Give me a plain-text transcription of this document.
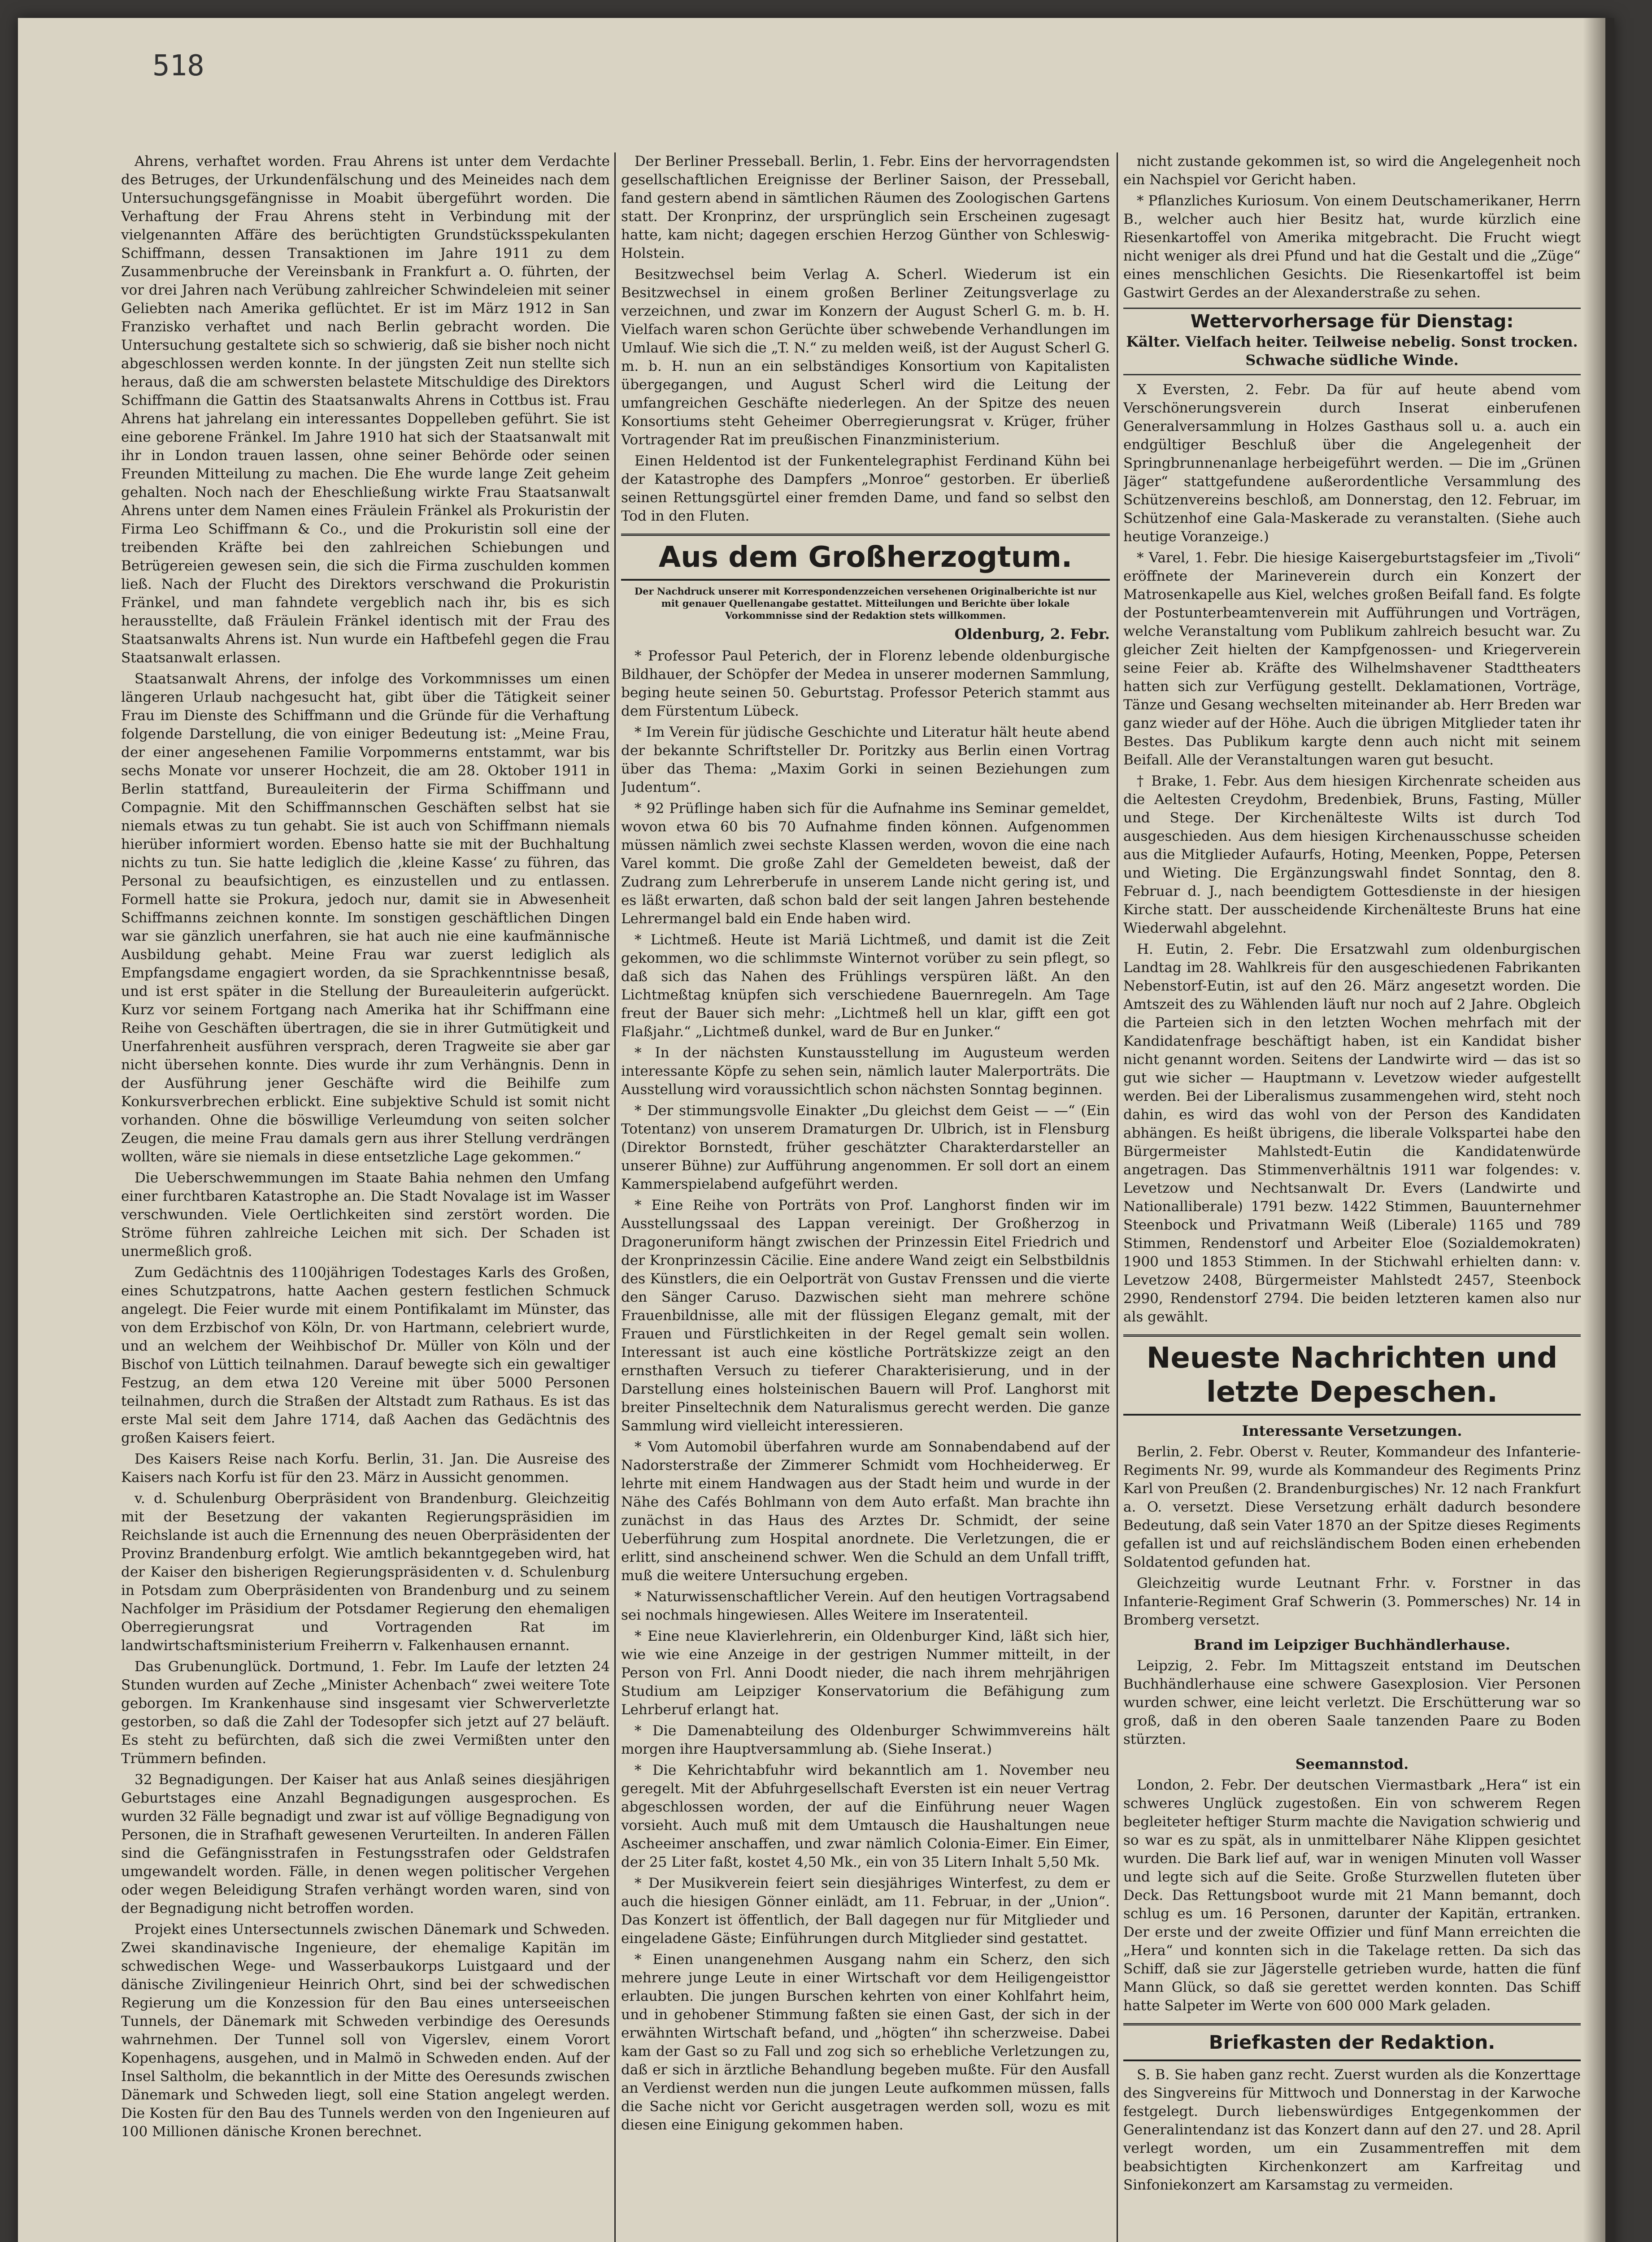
518

Ahrens, verhaftet worden. Frau Ahrens ist unter dem Verdachte des Betruges, der Urkundenfälschung und des Meineides nach dem Untersuchungsgefängnisse in Moabit übergeführt worden. Die Verhaftung der Frau Ahrens steht in Verbindung mit der vielgenannten Affäre des berüchtigten Grundstücksspekulanten Schiffmann, dessen Transaktionen im Jahre 1911 zu dem Zusammenbruche der Vereinsbank in Frankfurt a. O. führten, der vor drei Jahren nach Verübung zahlreicher Schwindeleien mit seiner Geliebten nach Amerika geflüchtet. Er ist im März 1912 in San Franzisko verhaftet und nach Berlin gebracht worden. Die Untersuchung gestaltete sich so schwierig, daß sie bisher noch nicht abgeschlossen werden konnte. In der jüngsten Zeit nun stellte sich heraus, daß die am schwersten belastete Mitschuldige des Direktors Schiffmann die Gattin des Staatsanwalts Ahrens in Cottbus ist. Frau Ahrens hat jahrelang ein interessantes Doppelleben geführt. Sie ist eine geborene Fränkel. Im Jahre 1910 hat sich der Staatsanwalt mit ihr in London trauen lassen, ohne seiner Behörde oder seinen Freunden Mitteilung zu machen. Die Ehe wurde lange Zeit geheim gehalten. Noch nach der Eheschließung wirkte Frau Staatsanwalt Ahrens unter dem Namen eines Fräulein Fränkel als Prokuristin der Firma Leo Schiffmann & Co., und die Prokuristin soll eine der treibenden Kräfte bei den zahlreichen Schiebungen und Betrügereien gewesen sein, die sich die Firma zuschulden kommen ließ. Nach der Flucht des Direktors verschwand die Prokuristin Fränkel, und man fahndete vergeblich nach ihr, bis es sich herausstellte, daß Fräulein Fränkel identisch mit der Frau des Staatsanwalts Ahrens ist. Nun wurde ein Haftbefehl gegen die Frau Staatsanwalt erlassen.

Staatsanwalt Ahrens, der infolge des Vorkommnisses um einen längeren Urlaub nachgesucht hat, gibt über die Tätigkeit seiner Frau im Dienste des Schiffmann und die Gründe für die Verhaftung folgende Darstellung, die von einiger Bedeutung ist: „Meine Frau, der einer angesehenen Familie Vorpommerns entstammt, war bis sechs Monate vor unserer Hochzeit, die am 28. Oktober 1911 in Berlin stattfand, Bureauleiterin der Firma Schiffmann und Compagnie. Mit den Schiffmannschen Geschäften selbst hat sie niemals etwas zu tun gehabt. Sie ist auch von Schiffmann niemals hierüber informiert worden. Ebenso hatte sie mit der Buchhaltung nichts zu tun. Sie hatte lediglich die ‚kleine Kasse‘ zu führen, das Personal zu beaufsichtigen, es einzustellen und zu entlassen. Formell hatte sie Prokura, jedoch nur, damit sie in Abwesenheit Schiffmanns zeichnen konnte. Im sonstigen geschäftlichen Dingen war sie gänzlich unerfahren, sie hat auch nie eine kaufmännische Ausbildung gehabt. Meine Frau war zuerst lediglich als Empfangsdame engagiert worden, da sie Sprachkenntnisse besaß, und ist erst später in die Stellung der Bureauleiterin aufgerückt. Kurz vor seinem Fortgang nach Amerika hat ihr Schiffmann eine Reihe von Geschäften übertragen, die sie in ihrer Gutmütigkeit und Unerfahrenheit ausführen versprach, deren Tragweite sie aber gar nicht übersehen konnte. Dies wurde ihr zum Verhängnis. Denn in der Ausführung jener Geschäfte wird die Beihilfe zum Konkursverbrechen erblickt. Eine subjektive Schuld ist somit nicht vorhanden. Ohne die böswillige Verleumdung von seiten solcher Zeugen, die meine Frau damals gern aus ihrer Stellung verdrängen wollten, wäre sie niemals in diese entsetzliche Lage gekommen.“

Die Ueberschwemmungen im Staate Bahia nehmen den Umfang einer furchtbaren Katastrophe an. Die Stadt Novalage ist im Wasser verschwunden. Viele Oertlichkeiten sind zerstört worden. Die Ströme führen zahlreiche Leichen mit sich. Der Schaden ist unermeßlich groß.

Zum Gedächtnis des 1100jährigen Todestages Karls des Großen, eines Schutzpatrons, hatte Aachen gestern festlichen Schmuck angelegt. Die Feier wurde mit einem Pontifikalamt im Münster, das von dem Erzbischof von Köln, Dr. von Hartmann, celebriert wurde, und an welchem der Weihbischof Dr. Müller von Köln und der Bischof von Lüttich teilnahmen. Darauf bewegte sich ein gewaltiger Festzug, an dem etwa 120 Vereine mit über 5000 Personen teilnahmen, durch die Straßen der Altstadt zum Rathaus. Es ist das erste Mal seit dem Jahre 1714, daß Aachen das Gedächtnis des großen Kaisers feiert.

Des Kaisers Reise nach Korfu. Berlin, 31. Jan. Die Ausreise des Kaisers nach Korfu ist für den 23. März in Aussicht genommen.

v. d. Schulenburg Oberpräsident von Brandenburg. Gleichzeitig mit der Besetzung der vakanten Regierungspräsidien im Reichslande ist auch die Ernennung des neuen Oberpräsidenten der Provinz Brandenburg erfolgt. Wie amtlich bekanntgegeben wird, hat der Kaiser den bisherigen Regierungspräsidenten v. d. Schulenburg in Potsdam zum Oberpräsidenten von Brandenburg und zu seinem Nachfolger im Präsidium der Potsdamer Regierung den ehemaligen Oberregierungsrat und Vortragenden Rat im landwirtschaftsministerium Freiherrn v. Falkenhausen ernannt.

Das Grubenunglück. Dortmund, 1. Febr. Im Laufe der letzten 24 Stunden wurden auf Zeche „Minister Achenbach“ zwei weitere Tote geborgen. Im Krankenhause sind insgesamt vier Schwerverletzte gestorben, so daß die Zahl der Todesopfer sich jetzt auf 27 beläuft. Es steht zu befürchten, daß sich die zwei Vermißten unter den Trümmern befinden.

32 Begnadigungen. Der Kaiser hat aus Anlaß seines diesjährigen Geburtstages eine Anzahl Begnadigungen ausgesprochen. Es wurden 32 Fälle begnadigt und zwar ist auf völlige Begnadigung von Personen, die in Strafhaft gewesenen Verurteilten. In anderen Fällen sind die Gefängnisstrafen in Festungsstrafen oder Geldstrafen umgewandelt worden. Fälle, in denen wegen politischer Vergehen oder wegen Beleidigung Strafen verhängt worden waren, sind von der Begnadigung nicht betroffen worden.

Projekt eines Untersectunnels zwischen Dänemark und Schweden. Zwei skandinavische Ingenieure, der ehemalige Kapitän im schwedischen Wege- und Wasserbaukorps Luistgaard und der dänische Zivilingenieur Heinrich Ohrt, sind bei der schwedischen Regierung um die Konzession für den Bau eines unterseeischen Tunnels, der Dänemark mit Schweden verbindige des Oeresunds wahrnehmen. Der Tunnel soll von Vigerslev, einem Vorort Kopenhagens, ausgehen, und in Malmö in Schweden enden. Auf der Insel Saltholm, die bekanntlich in der Mitte des Oeresunds zwischen Dänemark und Schweden liegt, soll eine Station angelegt werden. Die Kosten für den Bau des Tunnels werden von den Ingenieuren auf 100 Millionen dänische Kronen berechnet.

Der Berliner Presseball. Berlin, 1. Febr. Eins der hervorragendsten gesellschaftlichen Ereignisse der Berliner Saison, der Presseball, fand gestern abend in sämtlichen Räumen des Zoologischen Gartens statt. Der Kronprinz, der ursprünglich sein Erscheinen zugesagt hatte, kam nicht; dagegen erschien Herzog Günther von Schleswig-Holstein.

Besitzwechsel beim Verlag A. Scherl. Wiederum ist ein Besitzwechsel in einem großen Berliner Zeitungsverlage zu verzeichnen, und zwar im Konzern der August Scherl G. m. b. H. Vielfach waren schon Gerüchte über schwebende Verhandlungen im Umlauf. Wie sich die „T. N.“ zu melden weiß, ist der August Scherl G. m. b. H. nun an ein selbständiges Konsortium von Kapitalisten übergegangen, und August Scherl wird die Leitung der umfangreichen Geschäfte niederlegen. An der Spitze des neuen Konsortiums steht Geheimer Oberregierungsrat v. Krüger, früher Vortragender Rat im preußischen Finanzministerium.

Einen Heldentod ist der Funkentelegraphist Ferdinand Kühn bei der Katastrophe des Dampfers „Monroe“ gestorben. Er überließ seinen Rettungsgürtel einer fremden Dame, und fand so selbst den Tod in den Fluten.

Aus dem Großherzogtum.
Der Nachdruck unserer mit Korrespondenzzeichen versehenen Originalberichte ist nur mit genauer Quellenangabe gestattet. Mitteilungen und Berichte über lokale Vorkommnisse sind der Redaktion stets willkommen.
Oldenburg, 2. Febr.

* Professor Paul Peterich, der in Florenz lebende oldenburgische Bildhauer, der Schöpfer der Medea in unserer modernen Sammlung, beging heute seinen 50. Geburtstag. Professor Peterich stammt aus dem Fürstentum Lübeck.

* Im Verein für jüdische Geschichte und Literatur hält heute abend der bekannte Schriftsteller Dr. Poritzky aus Berlin einen Vortrag über das Thema: „Maxim Gorki in seinen Beziehungen zum Judentum“.

* 92 Prüflinge haben sich für die Aufnahme ins Seminar gemeldet, wovon etwa 60 bis 70 Aufnahme finden können. Aufgenommen müssen nämlich zwei sechste Klassen werden, wovon die eine nach Varel kommt. Die große Zahl der Gemeldeten beweist, daß der Zudrang zum Lehrerberufe in unserem Lande nicht gering ist, und es läßt erwarten, daß schon bald der seit langen Jahren bestehende Lehrermangel bald ein Ende haben wird.

* Lichtmeß. Heute ist Mariä Lichtmeß, und damit ist die Zeit gekommen, wo die schlimmste Winternot vorüber zu sein pflegt, so daß sich das Nahen des Frühlings verspüren läßt. An den Lichtmeßtag knüpfen sich verschiedene Bauernregeln. Am Tage freut der Bauer sich mehr: „Lichtmeß hell un klar, gifft een got Flaßjahr.“ „Lichtmeß dunkel, ward de Bur en Junker.“

* In der nächsten Kunstausstellung im Augusteum werden interessante Köpfe zu sehen sein, nämlich lauter Malerporträts. Die Ausstellung wird voraussichtlich schon nächsten Sonntag beginnen.

* Der stimmungsvolle Einakter „Du gleichst dem Geist — —“ (Ein Totentanz) von unserem Dramaturgen Dr. Ulbrich, ist in Flensburg (Direktor Bornstedt, früher geschätzter Charakterdarsteller an unserer Bühne) zur Aufführung angenommen. Er soll dort an einem Kammerspielabend aufgeführt werden.

* Eine Reihe von Porträts von Prof. Langhorst finden wir im Ausstellungssaal des Lappan vereinigt. Der Großherzog in Dragoneruniform hängt zwischen der Prinzessin Eitel Friedrich und der Kronprinzessin Cäcilie. Eine andere Wand zeigt ein Selbstbildnis des Künstlers, die ein Oelporträt von Gustav Frenssen und die vierte den Sänger Caruso. Dazwischen sieht man mehrere schöne Frauenbildnisse, alle mit der flüssigen Eleganz gemalt, mit der Frauen und Fürstlichkeiten in der Regel gemalt sein wollen. Interessant ist auch eine köstliche Porträtskizze zeigt an den ernsthaften Versuch zu tieferer Charakterisierung, und in der Darstellung eines holsteinischen Bauern will Prof. Langhorst mit breiter Pinseltechnik dem Naturalismus gerecht werden. Die ganze Sammlung wird vielleicht interessieren.

* Vom Automobil überfahren wurde am Sonnabendabend auf der Nadorsterstraße der Zimmerer Schmidt vom Hochheiderweg. Er lehrte mit einem Handwagen aus der Stadt heim und wurde in der Nähe des Cafés Bohlmann von dem Auto erfaßt. Man brachte ihn zunächst in das Haus des Arztes Dr. Schmidt, der seine Ueberführung zum Hospital anordnete. Die Verletzungen, die er erlitt, sind anscheinend schwer. Wen die Schuld an dem Unfall trifft, muß die weitere Untersuchung ergeben.

* Naturwissenschaftlicher Verein. Auf den heutigen Vortragsabend sei nochmals hingewiesen. Alles Weitere im Inseratenteil.

* Eine neue Klavierlehrerin, ein Oldenburger Kind, läßt sich hier, wie wie eine Anzeige in der gestrigen Nummer mitteilt, in der Person von Frl. Anni Doodt nieder, die nach ihrem mehrjährigen Studium am Leipziger Konservatorium die Befähigung zum Lehrberuf erlangt hat.

* Die Damenabteilung des Oldenburger Schwimmvereins hält morgen ihre Hauptversammlung ab. (Siehe Inserat.)

* Die Kehrichtabfuhr wird bekanntlich am 1. November neu geregelt. Mit der Abfuhrgesellschaft Eversten ist ein neuer Vertrag abgeschlossen worden, der auf die Einführung neuer Wagen vorsieht. Auch muß mit dem Umtausch die Haushaltungen neue Ascheeimer anschaffen, und zwar nämlich Colonia-Eimer. Ein Eimer, der 25 Liter faßt, kostet 4,50 Mk., ein von 35 Litern Inhalt 5,50 Mk.

* Der Musikverein feiert sein diesjähriges Winterfest, zu dem er auch die hiesigen Gönner einlädt, am 11. Februar, in der „Union“. Das Konzert ist öffentlich, der Ball dagegen nur für Mitglieder und eingeladene Gäste; Einführungen durch Mitglieder sind gestattet.

* Einen unangenehmen Ausgang nahm ein Scherz, den sich mehrere junge Leute in einer Wirtschaft vor dem Heiligengeisttor erlaubten. Die jungen Burschen kehrten von einer Kohlfahrt heim, und in gehobener Stimmung faßten sie einen Gast, der sich in der erwähnten Wirtschaft befand, und „högten“ ihn scherzweise. Dabei kam der Gast so zu Fall und zog sich so erhebliche Verletzungen zu, daß er sich in ärztliche Behandlung begeben mußte. Für den Ausfall an Verdienst werden nun die jungen Leute aufkommen müssen, falls die Sache nicht vor Gericht ausgetragen werden soll, wozu es mit diesen eine Einigung gekommen haben.

nicht zustande gekommen ist, so wird die Angelegenheit noch ein Nachspiel vor Gericht haben.

* Pflanzliches Kuriosum. Von einem Deutschamerikaner, Herrn B., welcher auch hier Besitz hat, wurde kürzlich eine Riesenkartoffel von Amerika mitgebracht. Die Frucht wiegt nicht weniger als drei Pfund und hat die Gestalt und die „Züge“ eines menschlichen Gesichts. Die Riesenkartoffel ist beim Gastwirt Gerdes an der Alexanderstraße zu sehen.

Wettervorhersage für Dienstag:
Kälter. Vielfach heiter. Teilweise nebelig. Sonst trocken. Schwache südliche Winde.

X Eversten, 2. Febr. Da für auf heute abend vom Verschönerungsverein durch Inserat einberufenen Generalversammlung in Holzes Gasthaus soll u. a. auch ein endgültiger Beschluß über die Angelegenheit der Springbrunnenanlage herbeigeführt werden. — Die im „Grünen Jäger“ stattgefundene außerordentliche Versammlung des Schützenvereins beschloß, am Donnerstag, den 12. Februar, im Schützenhof eine Gala-Maskerade zu veranstalten. (Siehe auch heutige Voranzeige.)

* Varel, 1. Febr. Die hiesige Kaisergeburtstagsfeier im „Tivoli“ eröffnete der Marineverein durch ein Konzert der Matrosenkapelle aus Kiel, welches großen Beifall fand. Es folgte der Postunterbeamtenverein mit Aufführungen und Vorträgen, welche Veranstaltung vom Publikum zahlreich besucht war. Zu gleicher Zeit hielten der Kampfgenossen- und Kriegerverein seine Feier ab. Kräfte des Wilhelmshavener Stadttheaters hatten sich zur Verfügung gestellt. Deklamationen, Vorträge, Tänze und Gesang wechselten miteinander ab. Herr Breden war ganz wieder auf der Höhe. Auch die übrigen Mitglieder taten ihr Bestes. Das Publikum kargte denn auch nicht mit seinem Beifall. Alle der Veranstaltungen waren gut besucht.

† Brake, 1. Febr. Aus dem hiesigen Kirchenrate scheiden aus die Aeltesten Creydohm, Bredenbiek, Bruns, Fasting, Müller und Stege. Der Kirchenälteste Wilts ist durch Tod ausgeschieden. Aus dem hiesigen Kirchenausschusse scheiden aus die Mitglieder Aufaurfs, Hoting, Meenken, Poppe, Petersen und Wieting. Die Ergänzungswahl findet Sonntag, den 8. Februar d. J., nach beendigtem Gottesdienste in der hiesigen Kirche statt. Der ausscheidende Kirchenälteste Bruns hat eine Wiederwahl abgelehnt.

H. Eutin, 2. Febr. Die Ersatzwahl zum oldenburgischen Landtag im 28. Wahlkreis für den ausgeschiedenen Fabrikanten Nebenstorf-Eutin, ist auf den 26. März angesetzt worden. Die Amtszeit des zu Wählenden läuft nur noch auf 2 Jahre. Obgleich die Parteien sich in den letzten Wochen mehrfach mit der Kandidatenfrage beschäftigt haben, ist ein Kandidat bisher nicht genannt worden. Seitens der Landwirte wird — das ist so gut wie sicher — Hauptmann v. Levetzow wieder aufgestellt werden. Bei der Liberalismus zusammengehen wird, steht noch dahin, es wird das wohl von der Person des Kandidaten abhängen. Es heißt übrigens, die liberale Volkspartei habe den Bürgermeister Mahlstedt-Eutin die Kandidatenwürde angetragen. Das Stimmenverhältnis 1911 war folgendes: v. Levetzow und Nechtsanwalt Dr. Evers (Landwirte und Nationalliberale) 1791 bezw. 1422 Stimmen, Bauunternehmer Steenbock und Privatmann Weiß (Liberale) 1165 und 789 Stimmen, Rendenstorf und Arbeiter Eloe (Sozialdemokraten) 1900 und 1853 Stimmen. In der Stichwahl erhielten dann: v. Levetzow 2408, Bürgermeister Mahlstedt 2457, Steenbock 2990, Rendenstorf 2794. Die beiden letzteren kamen also nur als gewählt.

Neueste Nachrichten und letzte Depeschen.

Interessante Versetzungen.

Berlin, 2. Febr. Oberst v. Reuter, Kommandeur des Infanterie-Regiments Nr. 99, wurde als Kommandeur des Regiments Prinz Karl von Preußen (2. Brandenburgisches) Nr. 12 nach Frankfurt a. O. versetzt. Diese Versetzung erhält dadurch besondere Bedeutung, daß sein Vater 1870 an der Spitze dieses Regiments gefallen ist und auf reichsländischem Boden einen erhebenden Soldatentod gefunden hat.

Gleichzeitig wurde Leutnant Frhr. v. Forstner in das Infanterie-Regiment Graf Schwerin (3. Pommersches) Nr. 14 in Bromberg versetzt.

Brand im Leipziger Buchhändlerhause.

Leipzig, 2. Febr. Im Mittagszeit entstand im Deutschen Buchhändlerhause eine schwere Gasexplosion. Vier Personen wurden schwer, eine leicht verletzt. Die Erschütterung war so groß, daß in den oberen Saale tanzenden Paare zu Boden stürzten.

Seemannstod.

London, 2. Febr. Der deutschen Viermastbark „Hera“ ist ein schweres Unglück zugestoßen. Ein von schwerem Regen begleiteter heftiger Sturm machte die Navigation schwierig und so war es zu spät, als in unmittelbarer Nähe Klippen gesichtet wurden. Die Bark lief auf, war in wenigen Minuten voll Wasser und legte sich auf die Seite. Große Sturzwellen fluteten über Deck. Das Rettungsboot wurde mit 21 Mann bemannt, doch schlug es um. 16 Personen, darunter der Kapitän, ertranken. Der erste und der zweite Offizier und fünf Mann erreichten die „Hera“ und konnten sich in die Takelage retten. Da sich das Schiff, daß sie zur Jägerstelle getrieben wurde, hatten die fünf Mann Glück, so daß sie gerettet werden konnten. Das Schiff hatte Salpeter im Werte von 600 000 Mark geladen.

Briefkasten der Redaktion.

S. B. Sie haben ganz recht. Zuerst wurden als die Konzerttage des Singvereins für Mittwoch und Donnerstag in der Karwoche festgelegt. Durch liebenswürdiges Entgegenkommen der Generalintendanz ist das Konzert dann auf den 27. und 28. April verlegt worden, um ein Zusammentreffen mit dem beabsichtigten Kirchenkonzert am Karfreitag und Sinfoniekonzert am Karsamstag zu vermeiden.
